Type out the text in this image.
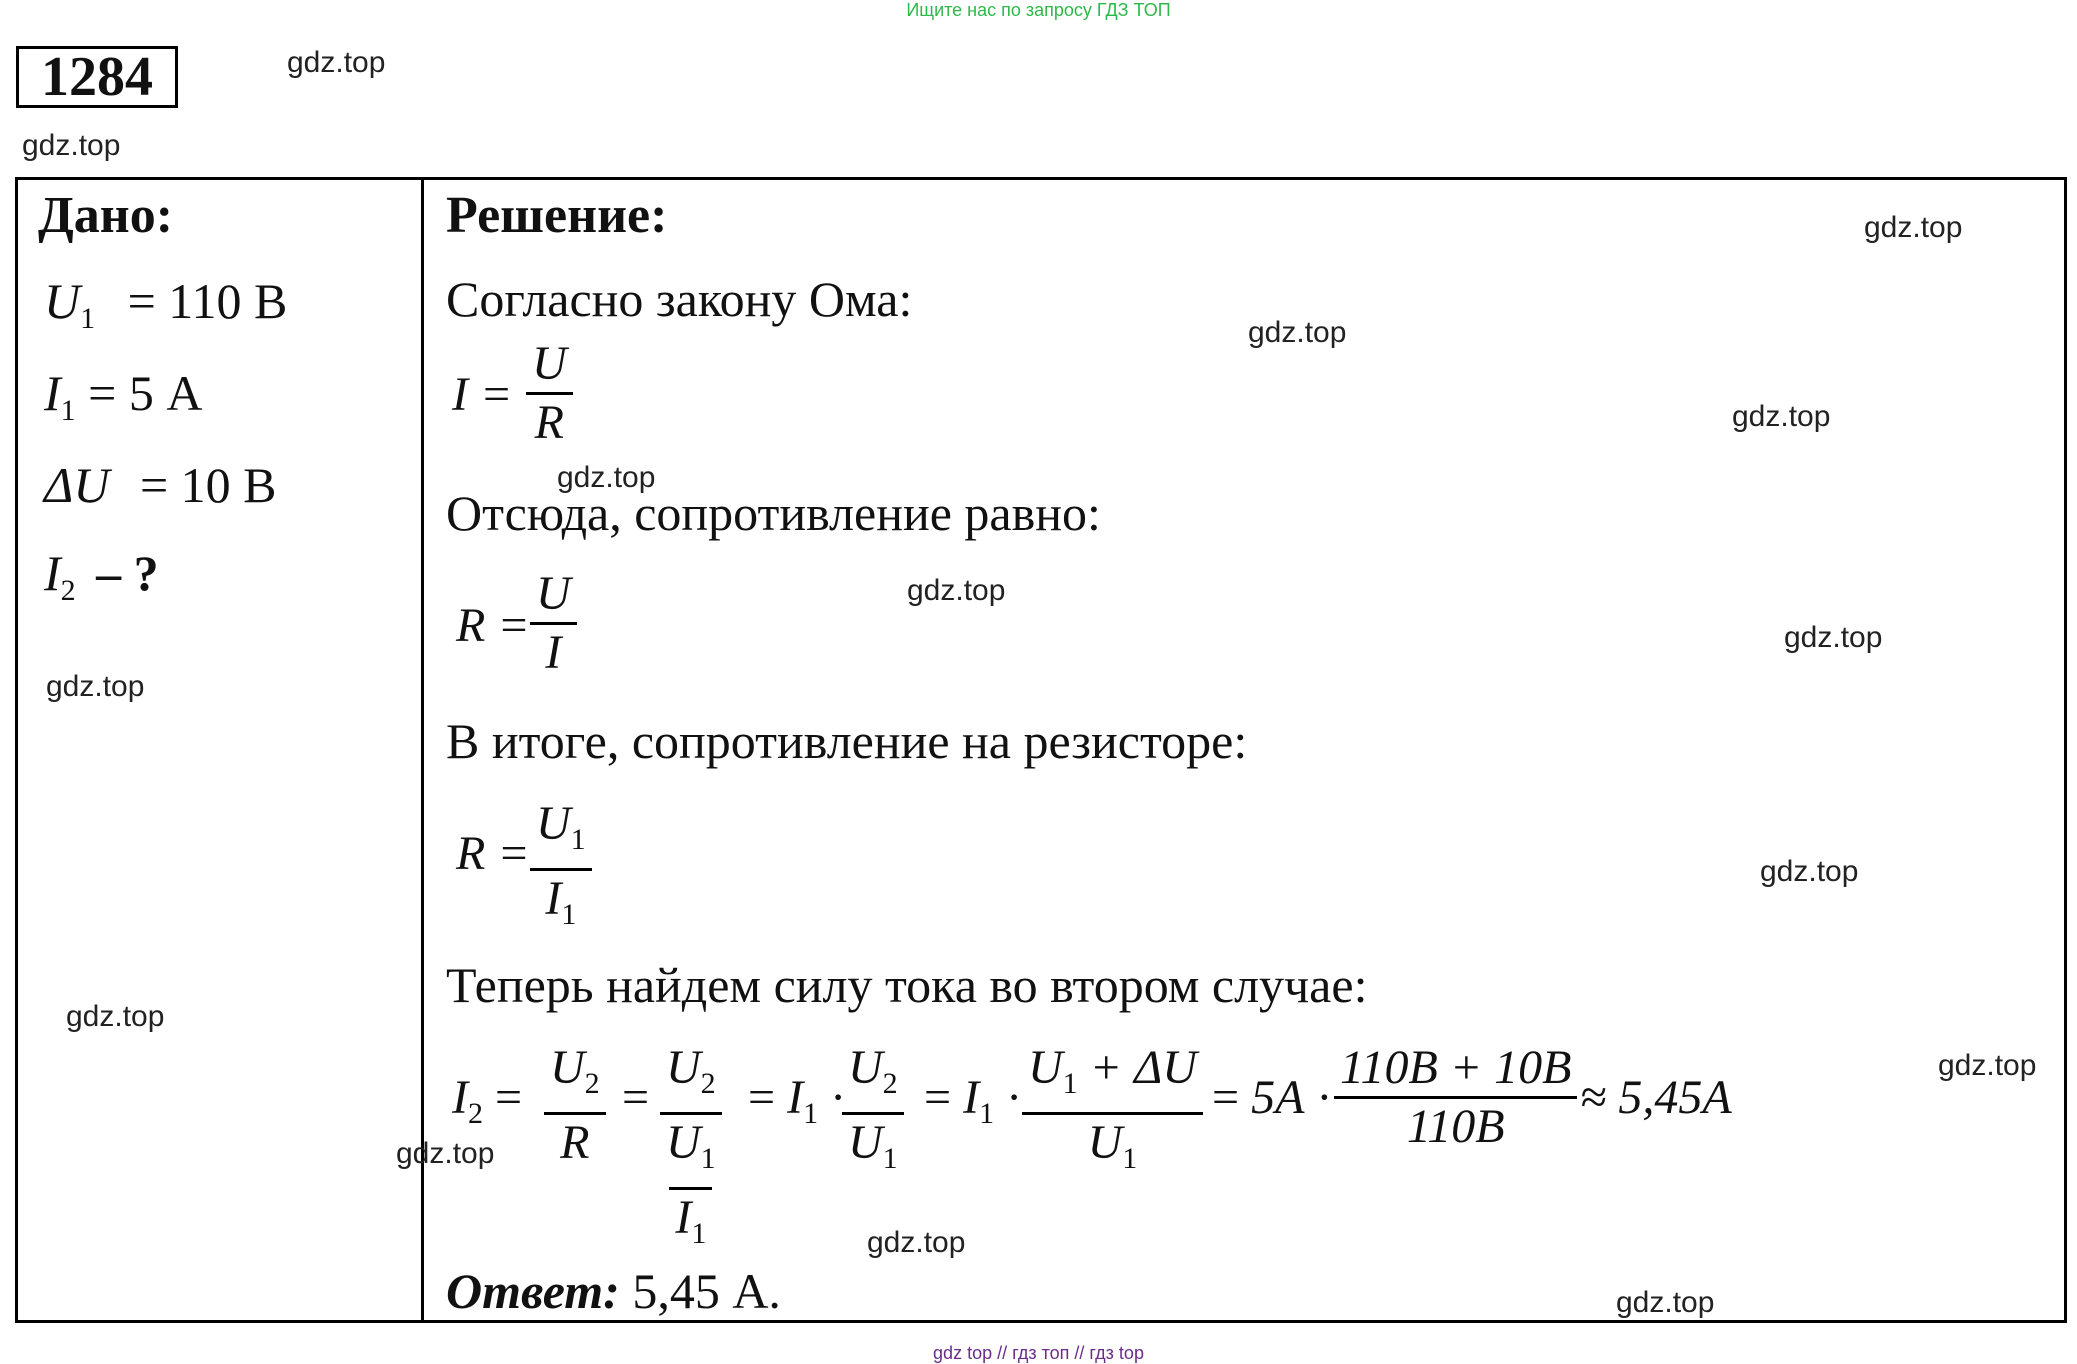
Ищите нас по запросу ГДЗ ТОП
1284
Дано:
$U_1 = 110$ В
$I_1 = 5$ А
ΔU = 10 В
$I_2$ – ?
Решение:
Согласно закону Ома:
I =
U
R
Отсюда, сопротивление равно:
R =
U
I
В итоге, сопротивление на резисторе:
R =
$U_1$
$I_1$
Теперь найдем силу тока во втором случае:
$I_2$ =
$U_2$
R
=
$U_2$
$U_1$
$I_1$
= $I_1$ ·
$U_2$
$U_1$
= $I_1$ ·
$U_1 + \Delta U$
$U_1$
= 5A ·
110B + 10B
110B
≈ 5,45A
Ответ: 5,45 А.
gdz.top
gdz.top
gdz.top
gdz.top
gdz.top
gdz.top
gdz.top
gdz.top
gdz.top
gdz.top
gdz.top
gdz.top
gdz.top
gdz.top
gdz.top
gdz top // гдз топ // гдз top
